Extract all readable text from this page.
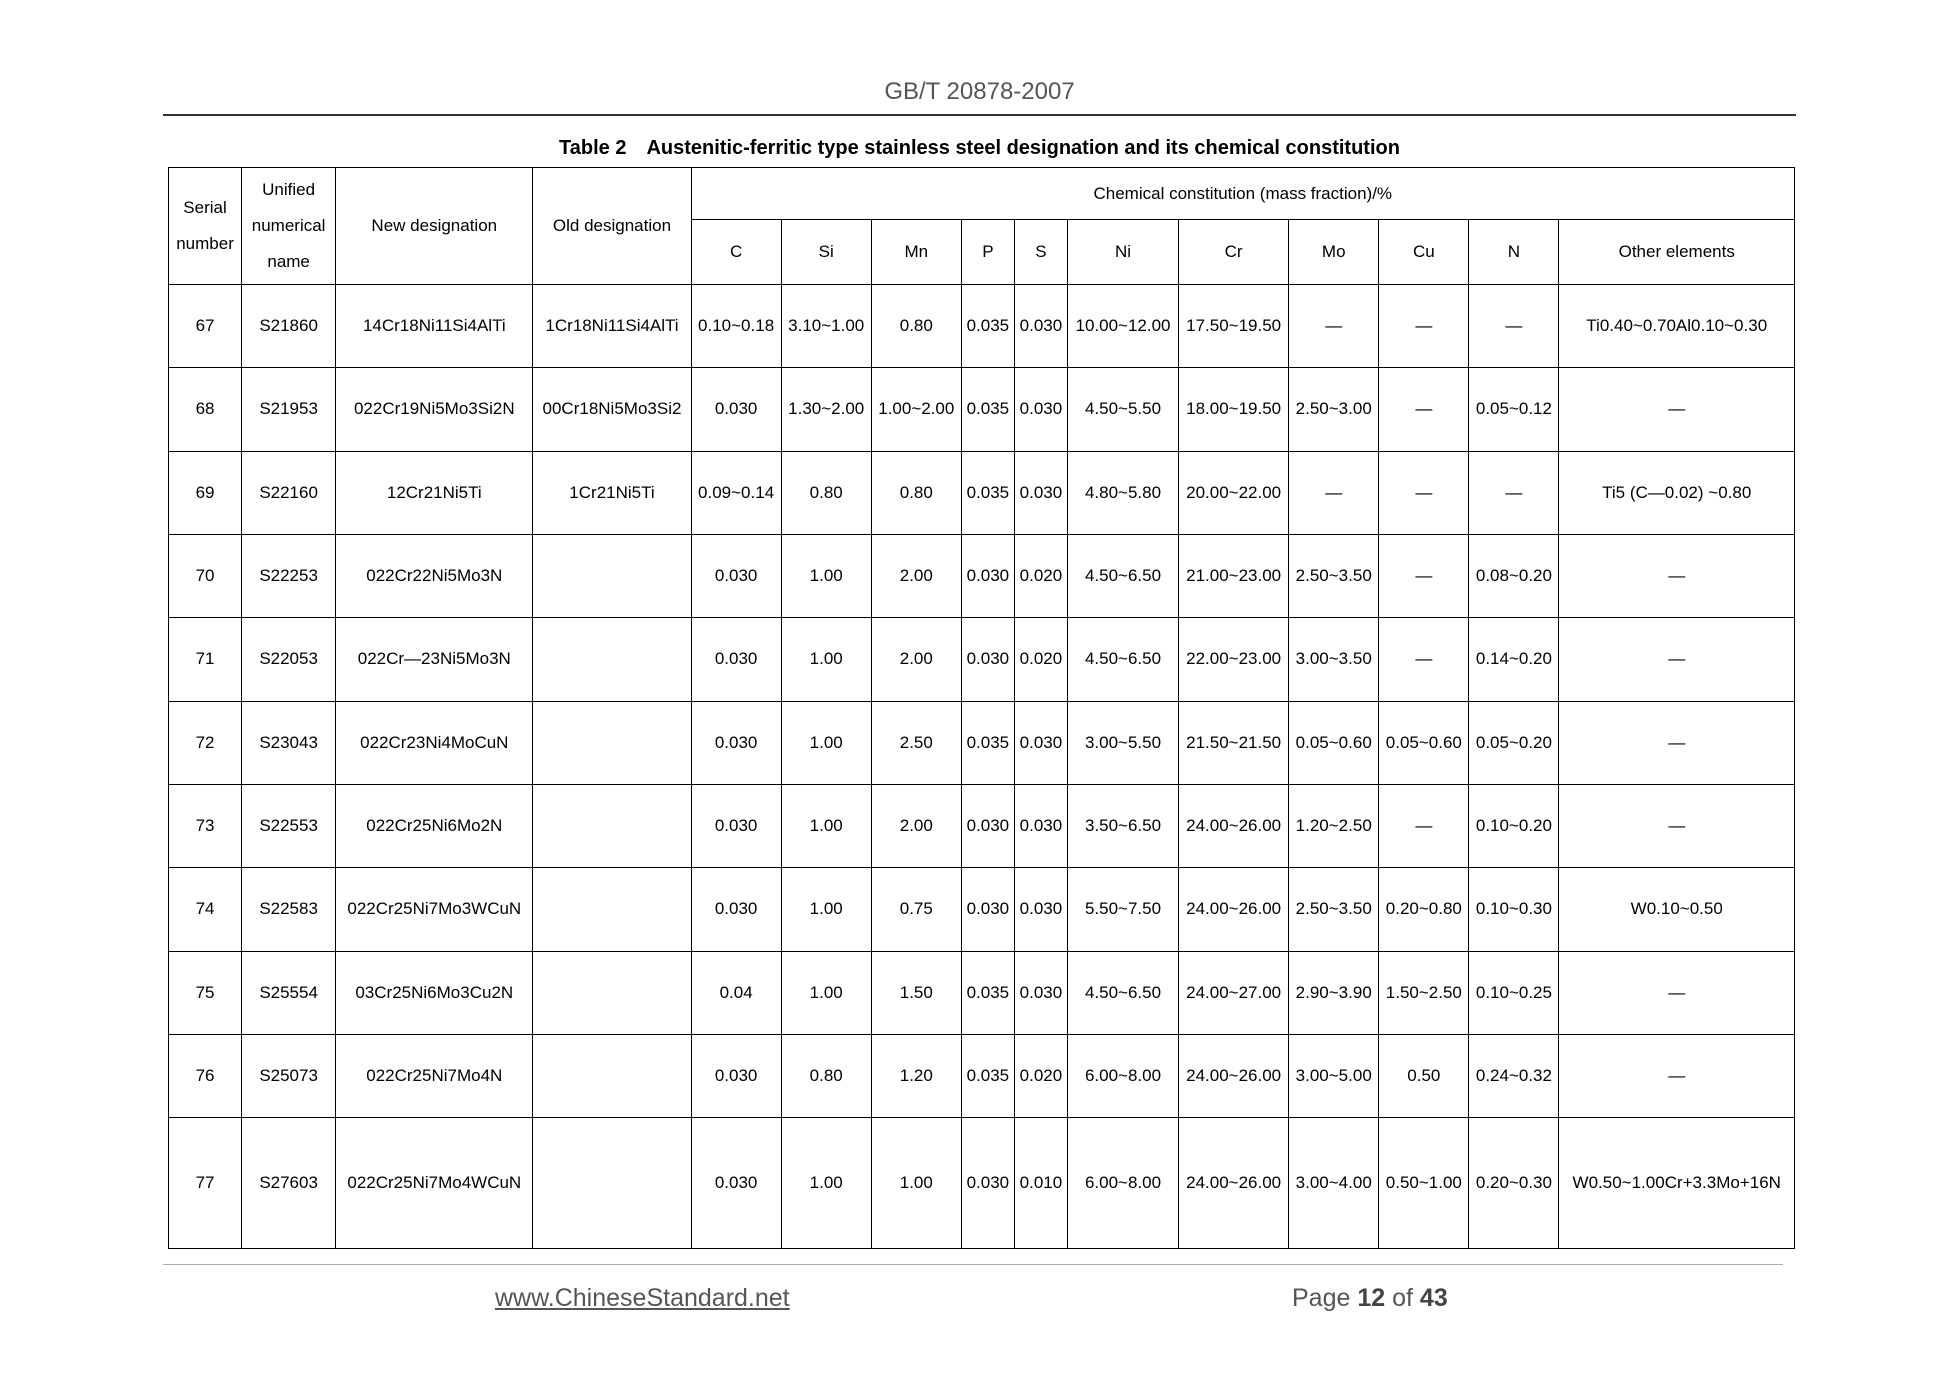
GB/T 20878-2007
Table 2 Austenitic-ferritic type stainless steel designation and its chemical constitution
Serial number	Unified numerical name	New designation	Old designation	Chemical constitution (mass fraction)/%										
				C	Si	Mn	P	S	Ni	Cr	Mo	Cu	N	Other elements
67	S21860	14Cr18Ni11Si4AlTi	1Cr18Ni11Si4AlTi	0.10~0.18	3.10~1.00	0.80	0.035	0.030	10.00~12.00	17.50~19.50	—	—	—	Ti0.40~0.70Al0.10~0.30
68	S21953	022Cr19Ni5Mo3Si2N	00Cr18Ni5Mo3Si2	0.030	1.30~2.00	1.00~2.00	0.035	0.030	4.50~5.50	18.00~19.50	2.50~3.00	—	0.05~0.12	—
69	S22160	12Cr21Ni5Ti	1Cr21Ni5Ti	0.09~0.14	0.80	0.80	0.035	0.030	4.80~5.80	20.00~22.00	—	—	—	Ti5 (C—0.02) ~0.80
70	S22253	022Cr22Ni5Mo3N		0.030	1.00	2.00	0.030	0.020	4.50~6.50	21.00~23.00	2.50~3.50	—	0.08~0.20	—
71	S22053	022Cr—23Ni5Mo3N		0.030	1.00	2.00	0.030	0.020	4.50~6.50	22.00~23.00	3.00~3.50	—	0.14~0.20	—
72	S23043	022Cr23Ni4MoCuN		0.030	1.00	2.50	0.035	0.030	3.00~5.50	21.50~21.50	0.05~0.60	0.05~0.60	0.05~0.20	—
73	S22553	022Cr25Ni6Mo2N		0.030	1.00	2.00	0.030	0.030	3.50~6.50	24.00~26.00	1.20~2.50	—	0.10~0.20	—
74	S22583	022Cr25Ni7Mo3WCuN		0.030	1.00	0.75	0.030	0.030	5.50~7.50	24.00~26.00	2.50~3.50	0.20~0.80	0.10~0.30	W0.10~0.50
75	S25554	03Cr25Ni6Mo3Cu2N		0.04	1.00	1.50	0.035	0.030	4.50~6.50	24.00~27.00	2.90~3.90	1.50~2.50	0.10~0.25	—
76	S25073	022Cr25Ni7Mo4N		0.030	0.80	1.20	0.035	0.020	6.00~8.00	24.00~26.00	3.00~5.00	0.50	0.24~0.32	—
77	S27603	022Cr25Ni7Mo4WCuN		0.030	1.00	1.00	0.030	0.010	6.00~8.00	24.00~26.00	3.00~4.00	0.50~1.00	0.20~0.30	W0.50~1.00Cr+3.3Mo+16N
www.ChineseStandard.net	Page 12 of 43
